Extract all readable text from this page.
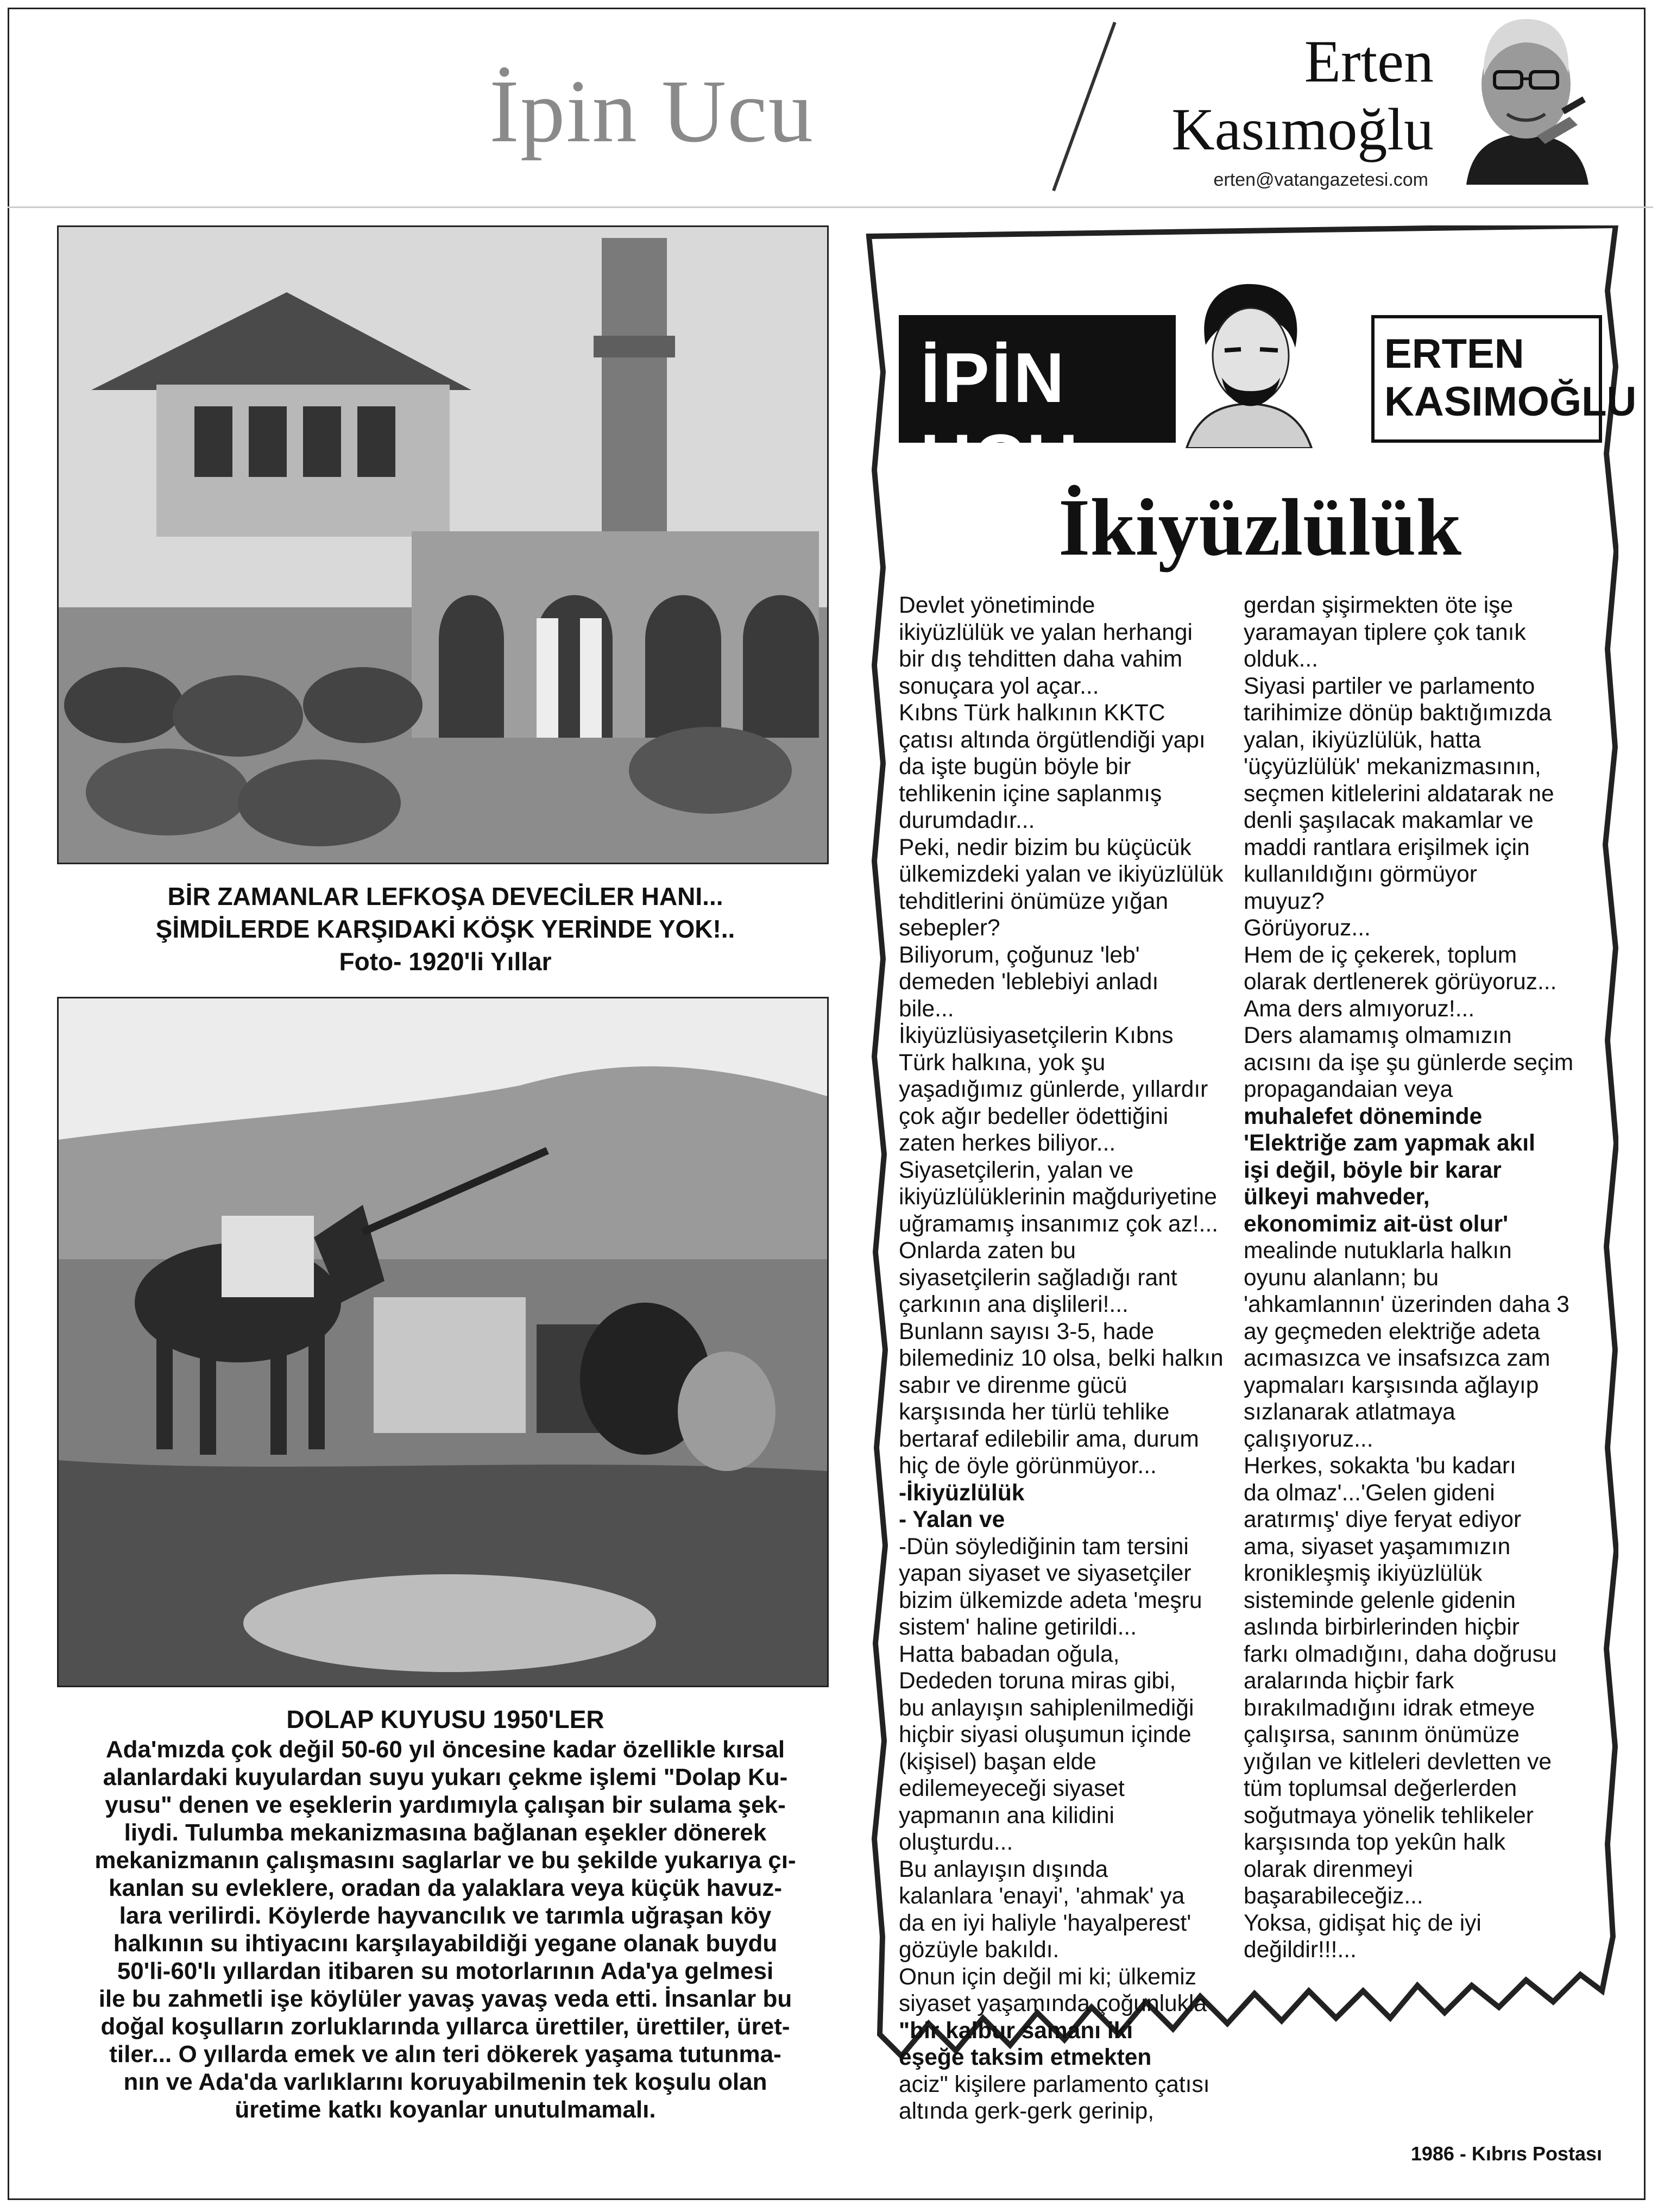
İpin Ucu	Erten
Kasımoğlu
erten@vatangazetesi.com
BİR ZAMANLAR LEFKOŞA DEVECİLER HANI...
ŞİMDİLERDE KARŞIDAKİ KÖŞK YERİNDE YOK!..
Foto- 1920'li Yıllar
DOLAP KUYUSU 1950'LER
Ada'mızda çok değil 50-60 yıl öncesine kadar özellikle kırsal
alanlardaki kuyulardan suyu yukarı çekme işlemi "Dolap Ku-
yusu" denen ve eşeklerin yardımıyla çalışan bir sulama şek-
liydi. Tulumba mekanizmasına bağlanan eşekler dönerek
mekanizmanın çalışmasını saglarlar ve bu şekilde yukarıya çı-
kanlan su evleklere, oradan da yalaklara veya küçük havuz-
lara verilirdi. Köylerde hayvancılık ve tarımla uğraşan köy
halkının su ihtiyacını karşılayabildiği yegane olanak buydu
50'li-60'lı yıllardan itibaren su motorlarının Ada'ya gelmesi
ile bu zahmetli işe köylüler yavaş yavaş veda etti. İnsanlar bu
doğal koşulların zorluklarında yıllarca ürettiler, ürettiler, üret-
tiler... O yıllarda emek ve alın teri dökerek yaşama tutunma-
nın ve Ada'da varlıklarını koruyabilmenin tek koşulu olan
üretime katkı koyanlar unutulmamalı.
İPİN UCU
ERTEN
KASIMOĞLU
İkiyüzlülük

Devlet yönetiminde

ikiyüzlülük ve yalan herhangi

bir dış tehditten daha vahim

sonuçara yol açar...

Kıbns Türk halkının KKTC

çatısı altında örgütlendiği yapı

da işte bugün böyle bir

tehlikenin içine saplanmış

durumdadır...

Peki, nedir bizim bu küçücük

ülkemizdeki yalan ve ikiyüzlülük

tehditlerini önümüze yığan

sebepler?

Biliyorum, çoğunuz 'leb'

demeden 'leblebiyi anladı

bile...

İkiyüzlüsiyasetçilerin Kıbns

Türk halkına, yok şu

yaşadığımız günlerde, yıllardır

çok ağır bedeller ödettiğini

zaten herkes biliyor...

Siyasetçilerin, yalan ve

ikiyüzlülüklerinin mağduriyetine

uğramamış insanımız çok az!...

Onlarda zaten bu

siyasetçilerin sağladığı rant

çarkının ana dişlileri!...

Bunlann sayısı 3-5, hade

bilemediniz 10 olsa, belki halkın

sabır ve direnme gücü

karşısında her türlü tehlike

bertaraf edilebilir ama, durum

hiç de öyle görünmüyor...

-İkiyüzlülük

- Yalan ve

-Dün söylediğinin tam tersini

yapan siyaset ve siyasetçiler

bizim ülkemizde adeta 'meşru

sistem' haline getirildi...

Hatta babadan oğula,

Dededen toruna miras gibi,

bu anlayışın sahiplenilmediği

hiçbir siyasi oluşumun içinde

(kişisel) başan elde

edilemeyeceği siyaset

yapmanın ana kilidini

oluşturdu...

Bu anlayışın dışında

kalanlara 'enayi', 'ahmak' ya

da en iyi haliyle 'hayalperest'

gözüyle bakıldı.

Onun için değil mi ki; ülkemiz

siyaset yaşamında çoğunlukla

"bir kalbur samanı iki

eşeğe taksim etmekten

aciz" kişilere parlamento çatısı

altında gerk-gerk gerinip,

gerdan şişirmekten öte işe

yaramayan tiplere çok tanık

olduk...

Siyasi partiler ve parlamento

tarihimize dönüp baktığımızda

yalan, ikiyüzlülük, hatta

'üçyüzlülük' mekanizmasının,

seçmen kitlelerini aldatarak ne

denli şaşılacak makamlar ve

maddi rantlara erişilmek için

kullanıldığını görmüyor

muyuz?

Görüyoruz...

Hem de iç çekerek, toplum

olarak dertlenerek görüyoruz...

Ama ders almıyoruz!...

Ders alamamış olmamızın

acısını da işe şu günlerde seçim

propagandaian veya

muhalefet döneminde

'Elektriğe zam yapmak akıl

işi değil, böyle bir karar

ülkeyi mahveder,

ekonomimiz ait-üst olur'

mealinde nutuklarla halkın

oyunu alanlann; bu

'ahkamlannın' üzerinden daha 3

ay geçmeden elektriğe adeta

acımasızca ve insafsızca zam

yapmaları karşısında ağlayıp

sızlanarak atlatmaya

çalışıyoruz...

Herkes, sokakta 'bu kadarı

da olmaz'...'Gelen gideni

aratırmış' diye feryat ediyor

ama, siyaset yaşamımızın

kronikleşmiş ikiyüzlülük

sisteminde gelenle gidenin

aslında birbirlerinden hiçbir

farkı olmadığını, daha doğrusu

aralarında hiçbir fark

bırakılmadığını idrak etmeye

çalışırsa, sanınm önümüze

yığılan ve kitleleri devletten ve

tüm toplumsal değerlerden

soğutmaya yönelik tehlikeler

karşısında top yekûn halk

olarak direnmeyi

başarabileceğiz...

Yoksa, gidişat hiç de iyi

değildir!!!...

1986 - Kıbrıs Postası
